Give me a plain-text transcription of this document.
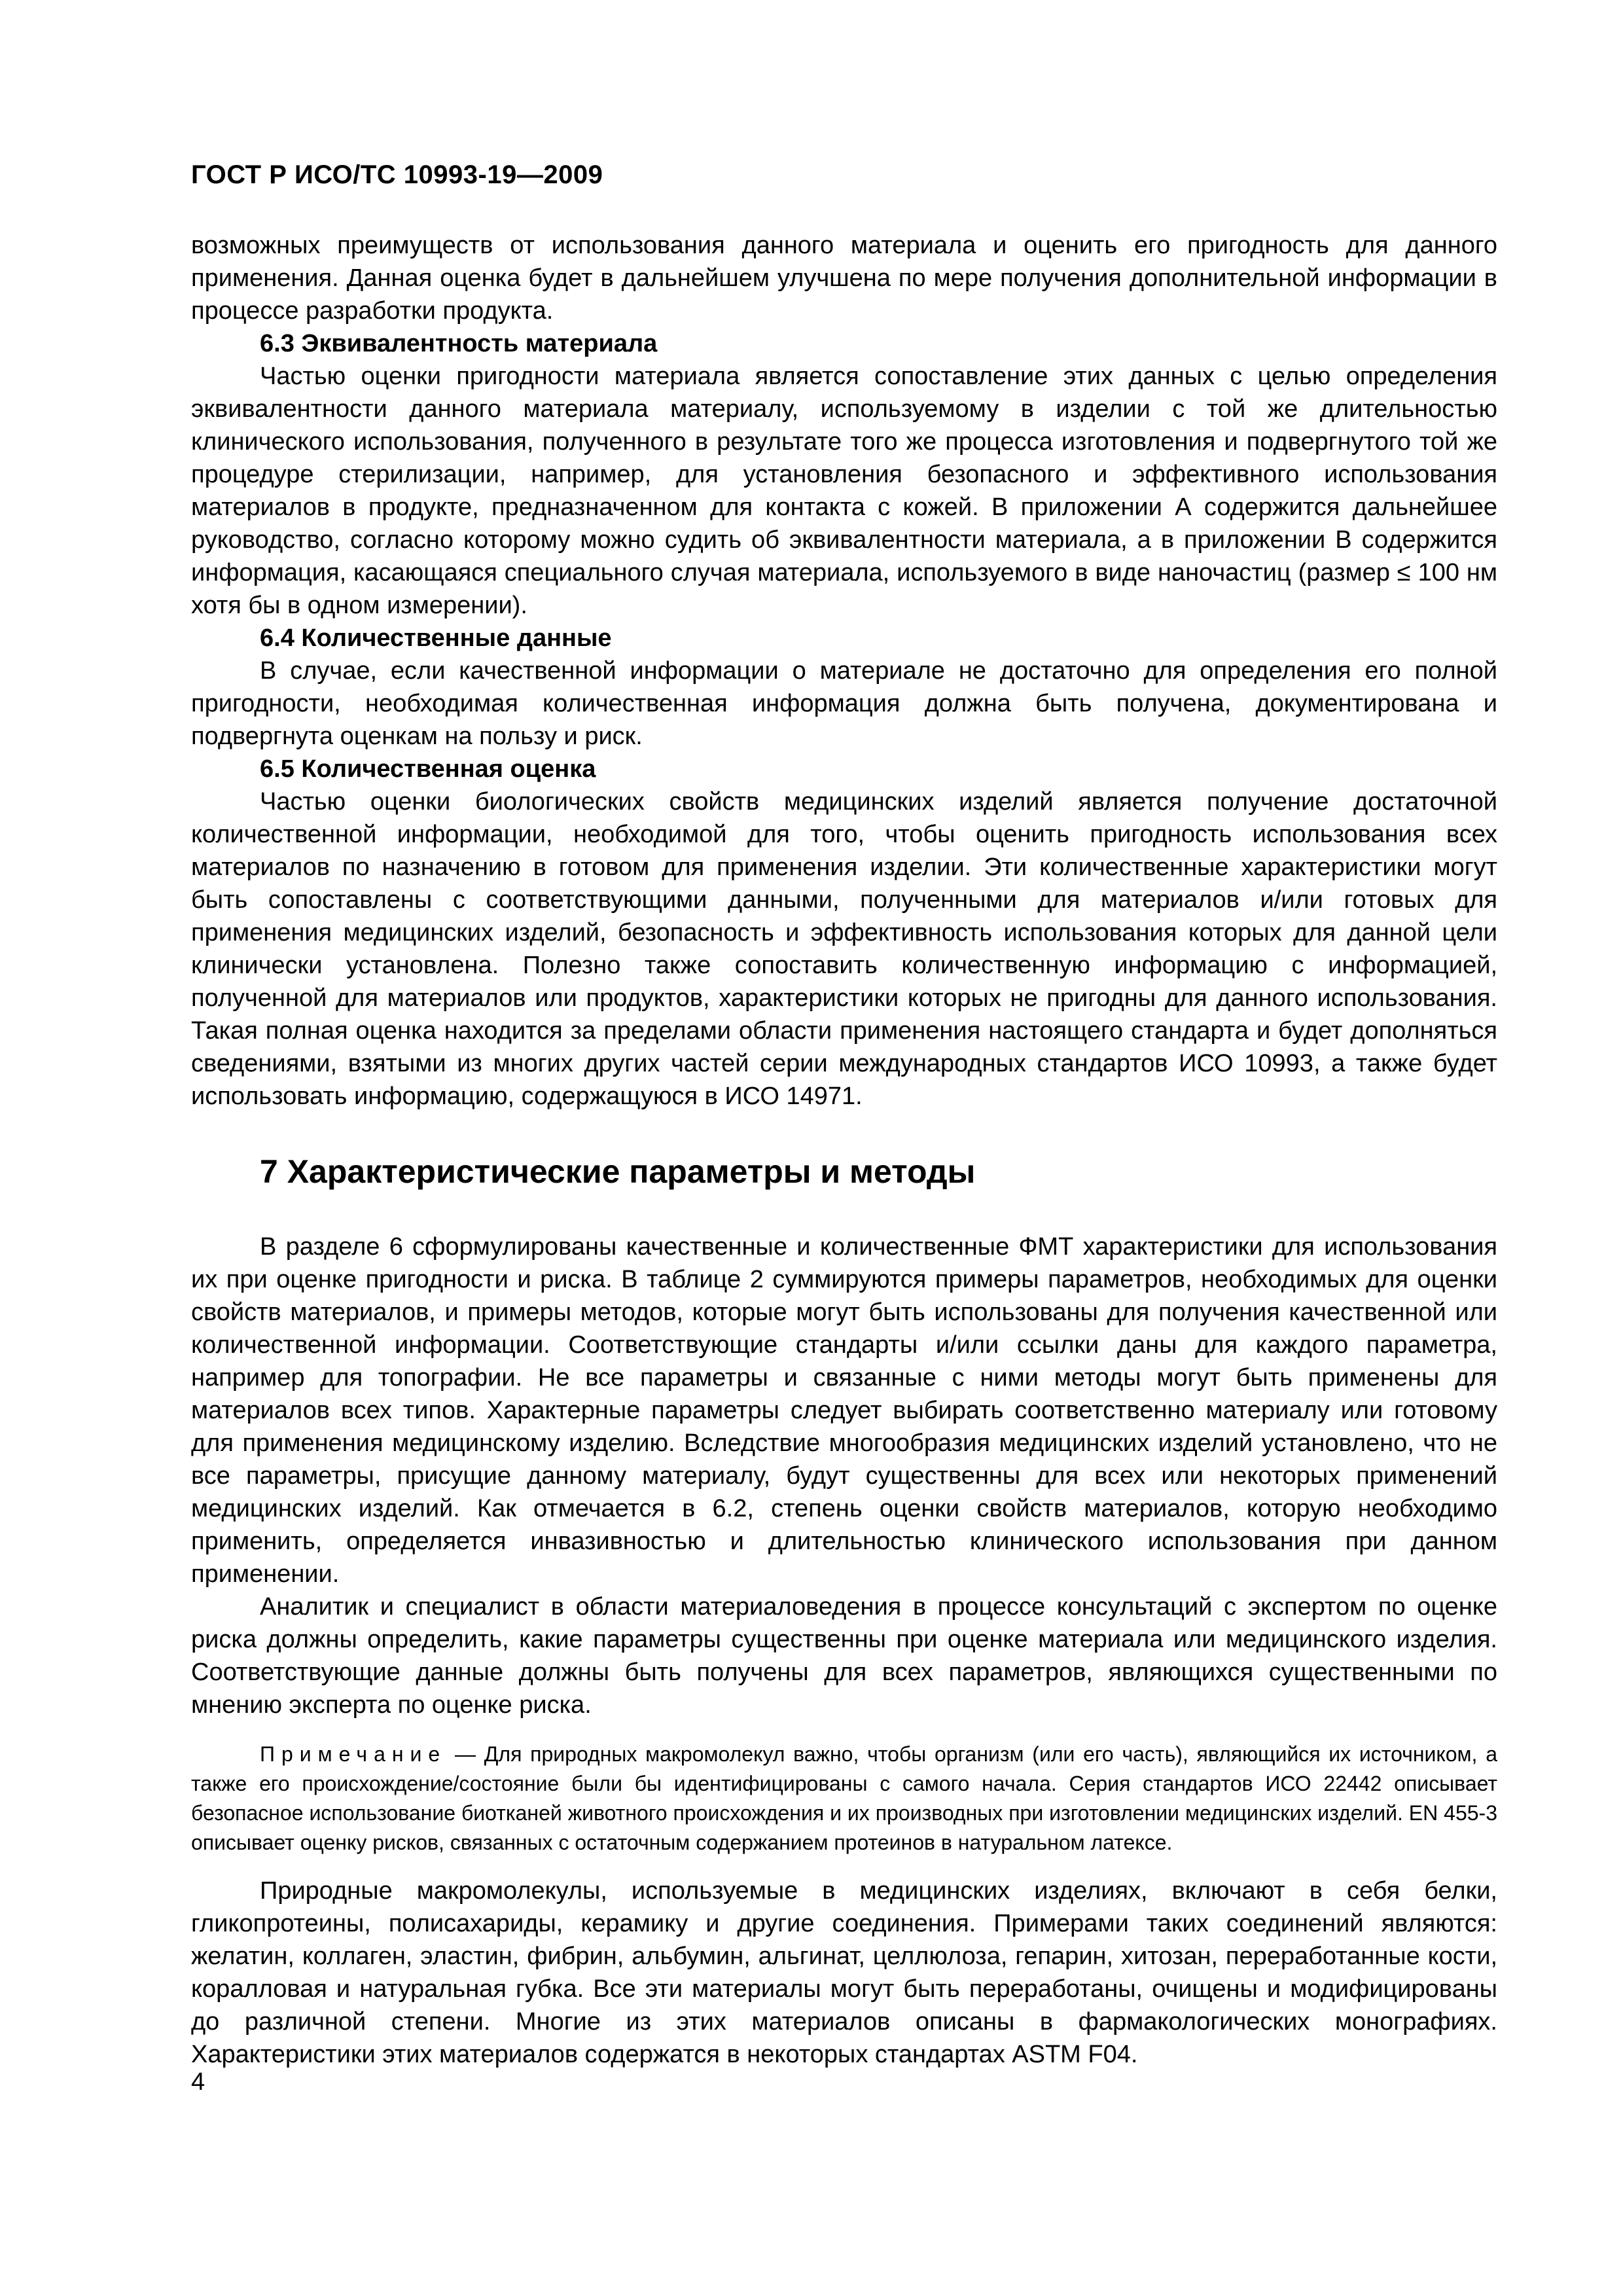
ГОСТ Р ИСО/ТС 10993-19—2009

возможных преимуществ от использования данного материала и оценить его пригодность для данного применения. Данная оценка будет в дальнейшем улучшена по мере получения дополнительной информации в процессе разработки продукта.

6.3 Эквивалентность материала

Частью оценки пригодности материала является сопоставление этих данных с целью определения эквивалентности данного материала материалу, используемому в изделии с той же длительностью клинического использования, полученного в результате того же процесса изготовления и подвергнутого той же процедуре стерилизации, например, для установления безопасного и эффективного использования материалов в продукте, предназначенном для контакта с кожей. В приложении А содержится дальнейшее руководство, согласно которому можно судить об эквивалентности материала, а в приложении В содержится информация, касающаяся специального случая материала, используемого в виде наночастиц (размер ≤ 100 нм хотя бы в одном измерении).

6.4 Количественные данные

В случае, если качественной информации о материале не достаточно для определения его полной пригодности, необходимая количественная информация должна быть получена, документирована и подвергнута оценкам на пользу и риск.

6.5 Количественная оценка

Частью оценки биологических свойств медицинских изделий является получение достаточной количественной информации, необходимой для того, чтобы оценить пригодность использования всех материалов по назначению в готовом для применения изделии. Эти количественные характеристики могут быть сопоставлены с соответствующими данными, полученными для материалов и/или готовых для применения медицинских изделий, безопасность и эффективность использования которых для данной цели клинически установлена. Полезно также сопоставить количественную информацию с информацией, полученной для материалов или продуктов, характеристики которых не пригодны для данного использования. Такая полная оценка находится за пределами области применения настоящего стандарта и будет дополняться сведениями, взятыми из многих других частей серии международных стандартов ИСО 10993, а также будет использовать информацию, содержащуюся в ИСО 14971.

7 Характеристические параметры и методы

В разделе 6 сформулированы качественные и количественные ФМТ характеристики для использования их при оценке пригодности и риска. В таблице 2 суммируются примеры параметров, необходимых для оценки свойств материалов, и примеры методов, которые могут быть использованы для получения качественной или количественной информации. Соответствующие стандарты и/или ссылки даны для каждого параметра, например для топографии. Не все параметры и связанные с ними методы могут быть применены для материалов всех типов. Характерные параметры следует выбирать соответственно материалу или готовому для применения медицинскому изделию. Вследствие многообразия медицинских изделий установлено, что не все параметры, присущие данному материалу, будут существенны для всех или некоторых применений медицинских изделий. Как отмечается в 6.2, степень оценки свойств материалов, которую необходимо применить, определяется инвазивностью и длительностью клинического использования при данном применении.

Аналитик и специалист в области материаловедения в процессе консультаций с экспертом по оценке риска должны определить, какие параметры существенны при оценке материала или медицинского изделия. Соответствующие данные должны быть получены для всех параметров, являющихся существенными по мнению эксперта по оценке риска.

Примечание — Для природных макромолекул важно, чтобы организм (или его часть), являющийся их источником, а также его происхождение/состояние были бы идентифицированы с самого начала. Серия стандартов ИСО 22442 описывает безопасное использование биотканей животного происхождения и их производных при изготовлении медицинских изделий. EN 455-3 описывает оценку рисков, связанных с остаточным содержанием протеинов в натуральном латексе.

Природные макромолекулы, используемые в медицинских изделиях, включают в себя белки, гликопротеины, полисахариды, керамику и другие соединения. Примерами таких соединений являются: желатин, коллаген, эластин, фибрин, альбумин, альгинат, целлюлоза, гепарин, хитозан, переработанные кости, коралловая и натуральная губка. Все эти материалы могут быть переработаны, очищены и модифицированы до различной степени. Многие из этих материалов описаны в фармакологических монографиях. Характеристики этих материалов содержатся в некоторых стандартах ASTM F04.

4
